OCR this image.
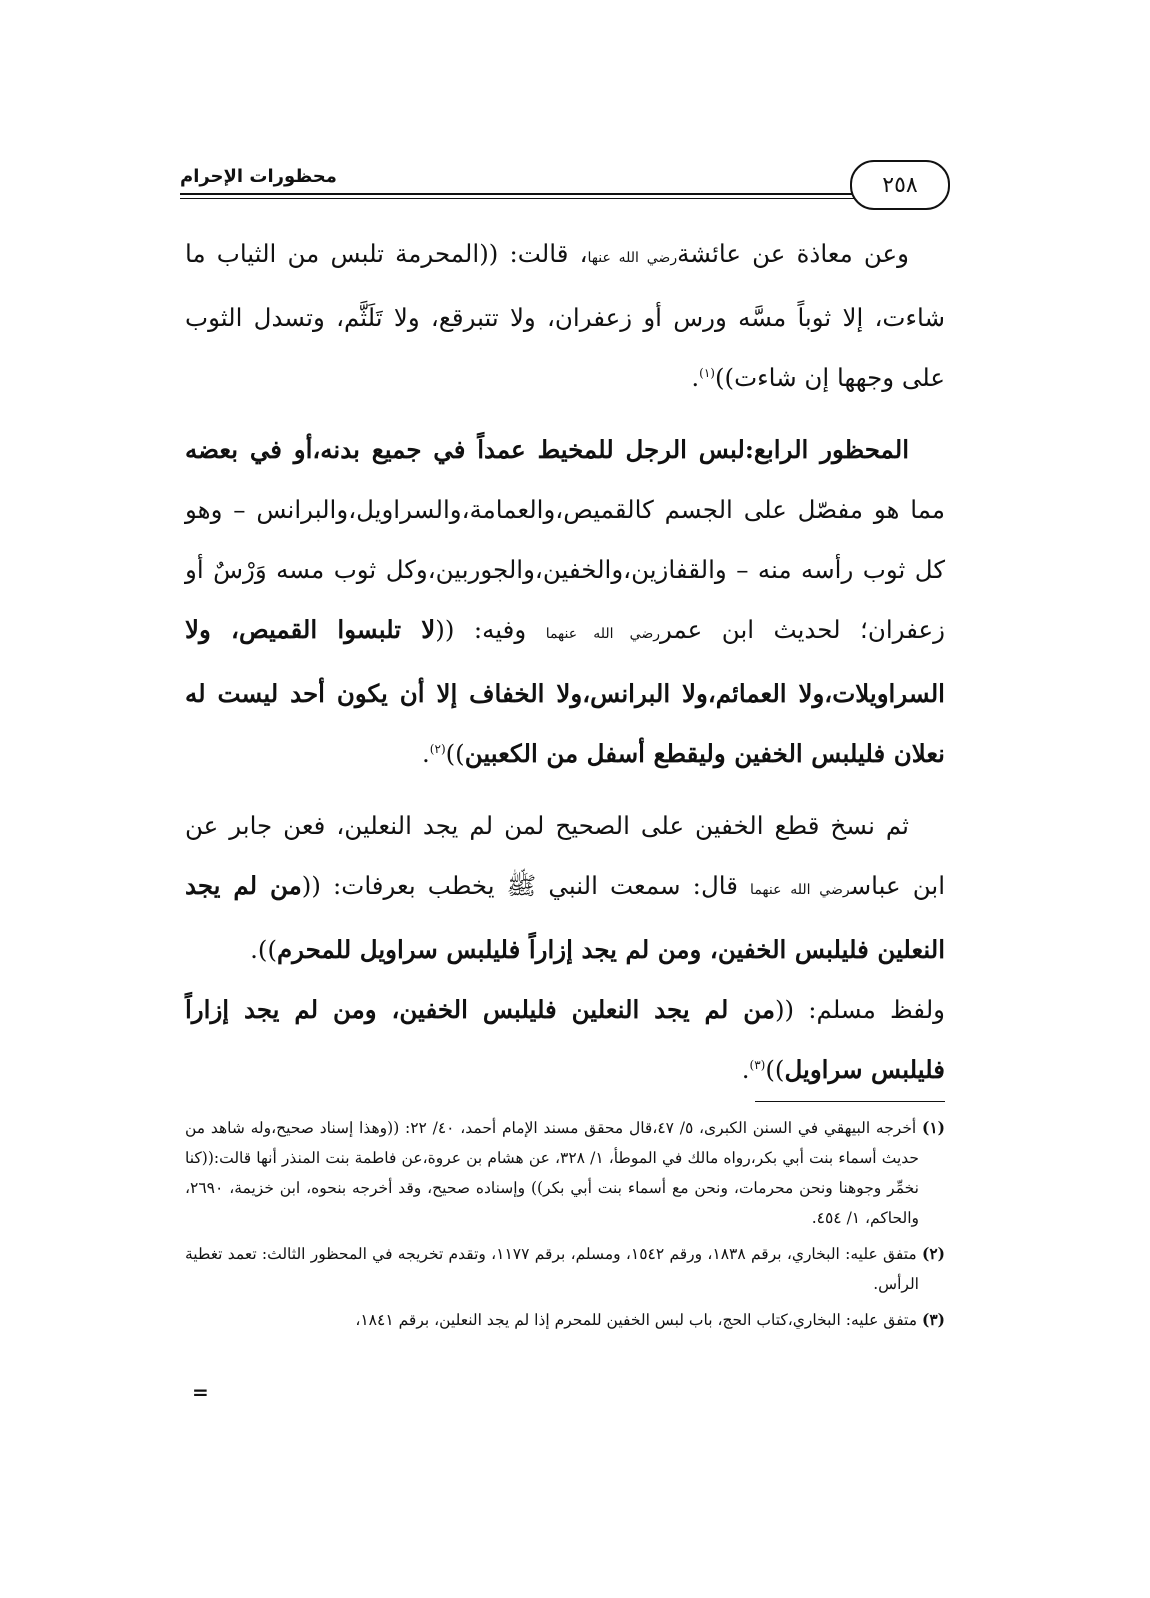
محظورات الإحرام	٢٥٨

وعن معاذة عن عائشةرضي الله عنها، قالت: ((المحرمة تلبس من الثياب ما شاءت، إلا ثوباً مسَّه ورس أو زعفران، ولا تتبرقع، ولا تَلَثَّم، وتسدل الثوب على وجهها إن شاءت))$^{(١)}$.

المحظور الرابع:لبس الرجل للمخيط عمداً في جميع بدنه،أو في بعضه مما هو مفصّل على الجسم كالقميص،والعمامة،والسراويل،والبرانس – وهو كل ثوب رأسه منه – والقفازين،والخفين،والجوربين،وكل ثوب مسه وَرْسٌ أو زعفران؛ لحديث ابن عمررضي الله عنهما وفيه: ((لا تلبسوا القميص، ولا السراويلات،ولا العمائم،ولا البرانس،ولا الخفاف إلا أن يكون أحد ليست له نعلان فليلبس الخفين وليقطع أسفل من الكعبين))$^{(٢)}$.

ثم نسخ قطع الخفين على الصحيح لمن لم يجد النعلين، فعن جابر عن ابن عباسرضي الله عنهما قال: سمعت النبي ﷺ يخطب بعرفات: ((من لم يجد النعلين فليلبس الخفين، ومن لم يجد إزاراً فليلبس سراويل للمحرم)).

ولفظ مسلم: ((من لم يجد النعلين فليلبس الخفين، ومن لم يجد إزاراً فليلبس سراويل))$^{(٣)}$.

(١) أخرجه البيهقي في السنن الكبرى، ٥/ ٤٧،قال محقق مسند الإمام أحمد، ٤٠/ ٢٢: ((وهذا إسناد صحيح،وله شاهد من حديث أسماء بنت أبي بكر،رواه مالك في الموطأ، ١/ ٣٢٨، عن هشام بن عروة،عن فاطمة بنت المنذر أنها قالت:((كنا نخمِّر وجوهنا ونحن محرمات، ونحن مع أسماء بنت أبي بكر)) وإسناده صحيح، وقد أخرجه بنحوه، ابن خزيمة، ٢٦٩٠، والحاكم، ١/ ٤٥٤.

(٢) متفق عليه: البخاري، برقم ١٨٣٨، ورقم ١٥٤٢، ومسلم، برقم ١١٧٧، وتقدم تخريجه في المحظور الثالث: تعمد تغطية الرأس.

(٣) متفق عليه: البخاري،كتاب الحج، باب لبس الخفين للمحرم إذا لم يجد النعلين، برقم ١٨٤١،

=
